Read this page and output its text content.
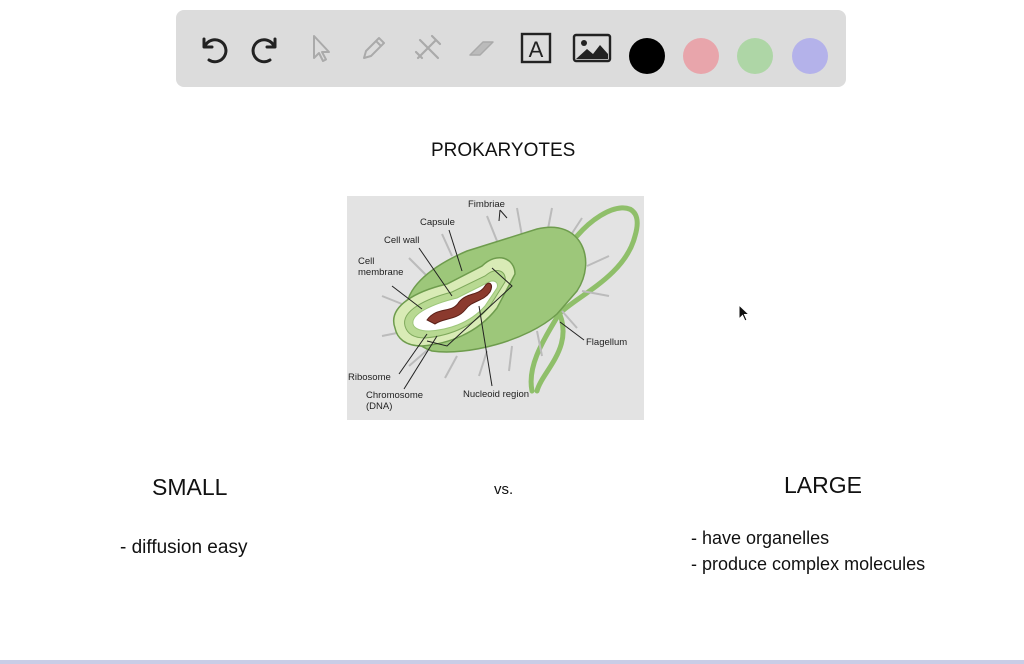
A
PROKARYOTES
Fimbriae
Capsule
Cell wall
Cell
membrane
Flagellum
Ribosome
Chromosome
(DNA)
Nucleoid region
SMALL	vs.	LARGE
- diffusion easy	- have organelles
- produce complex molecules
